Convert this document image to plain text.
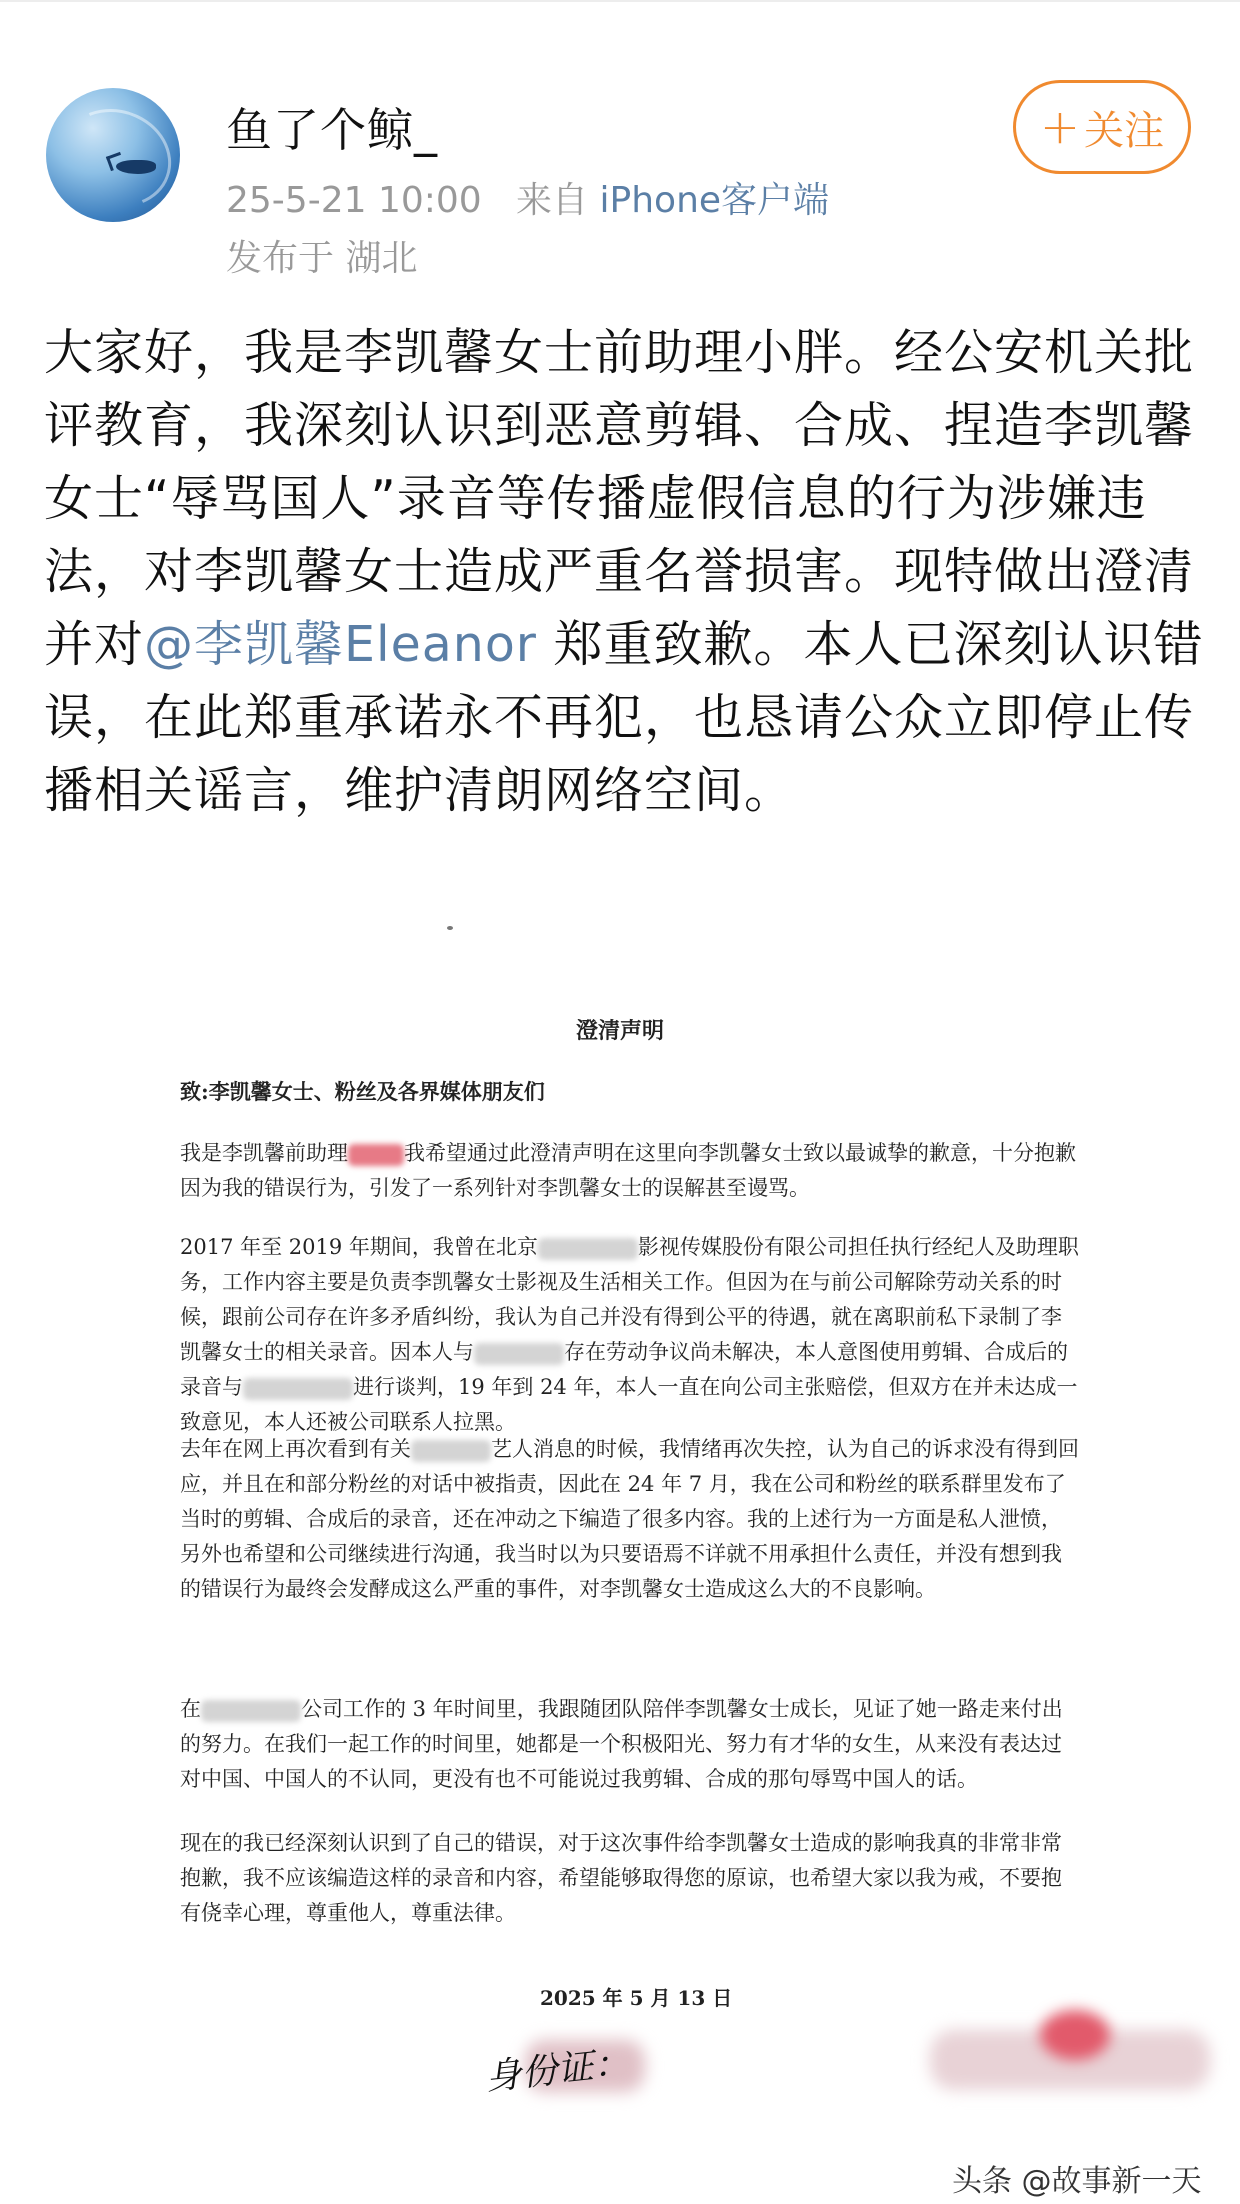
鱼了个鲸_
25-5-21 10:00 来自 iPhone客户端
发布于 湖北
+ 关注
大家好，我是李凯馨女士前助理小胖。经公安机关批评教育，我深刻认识到恶意剪辑、合成、捏造李凯馨女士“辱骂国人”录音等传播虚假信息的行为涉嫌违法，对李凯馨女士造成严重名誉损害。现特做出澄清并对@李凯馨Eleanor 郑重致歉。本人已深刻认识错误，在此郑重承诺永不再犯，也恳请公众立即停止传播相关谣言，维护清朗网络空间。
澄清声明
致:李凯馨女士、粉丝及各界媒体朋友们
我是李凯馨前助理	我希望通过此澄清声明在这里向李凯馨女士致以最诚挚的歉意，十分抱歉因为我的错误行为，引发了一系列针对李凯馨女士的误解甚至谩骂。
2017 年至 2019 年期间，我曾在北京	影视传媒股份有限公司担任执行经纪人及助理职务，工作内容主要是负责李凯馨女士影视及生活相关工作。但因为在与前公司解除劳动关系的时候，跟前公司存在许多矛盾纠纷，我认为自己并没有得到公平的待遇，就在离职前私下录制了李凯馨女士的相关录音。因本人与	存在劳动争议尚未解决，本人意图使用剪辑、合成后的录音与	进行谈判，19 年到 24 年，本人一直在向公司主张赔偿，但双方在并未达成一致意见，本人还被公司联系人拉黑。
去年在网上再次看到有关	艺人消息的时候，我情绪再次失控，认为自己的诉求没有得到回应，并且在和部分粉丝的对话中被指责，因此在 24 年 7 月，我在公司和粉丝的联系群里发布了当时的剪辑、合成后的录音，还在冲动之下编造了很多内容。我的上述行为一方面是私人泄愤，另外也希望和公司继续进行沟通，我当时以为只要语焉不详就不用承担什么责任，并没有想到我的错误行为最终会发酵成这么严重的事件，对李凯馨女士造成这么大的不良影响。
在	公司工作的 3 年时间里，我跟随团队陪伴李凯馨女士成长，见证了她一路走来付出的努力。在我们一起工作的时间里，她都是一个积极阳光、努力有才华的女生，从来没有表达过对中国、中国人的不认同，更没有也不可能说过我剪辑、合成的那句辱骂中国人的话。
现在的我已经深刻认识到了自己的错误，对于这次事件给李凯馨女士造成的影响我真的非常非常抱歉，我不应该编造这样的录音和内容，希望能够取得您的原谅，也希望大家以我为戒，不要抱有侥幸心理，尊重他人，尊重法律。
2025 年 5 月 13 日
身份证：
头条 @故事新一天
